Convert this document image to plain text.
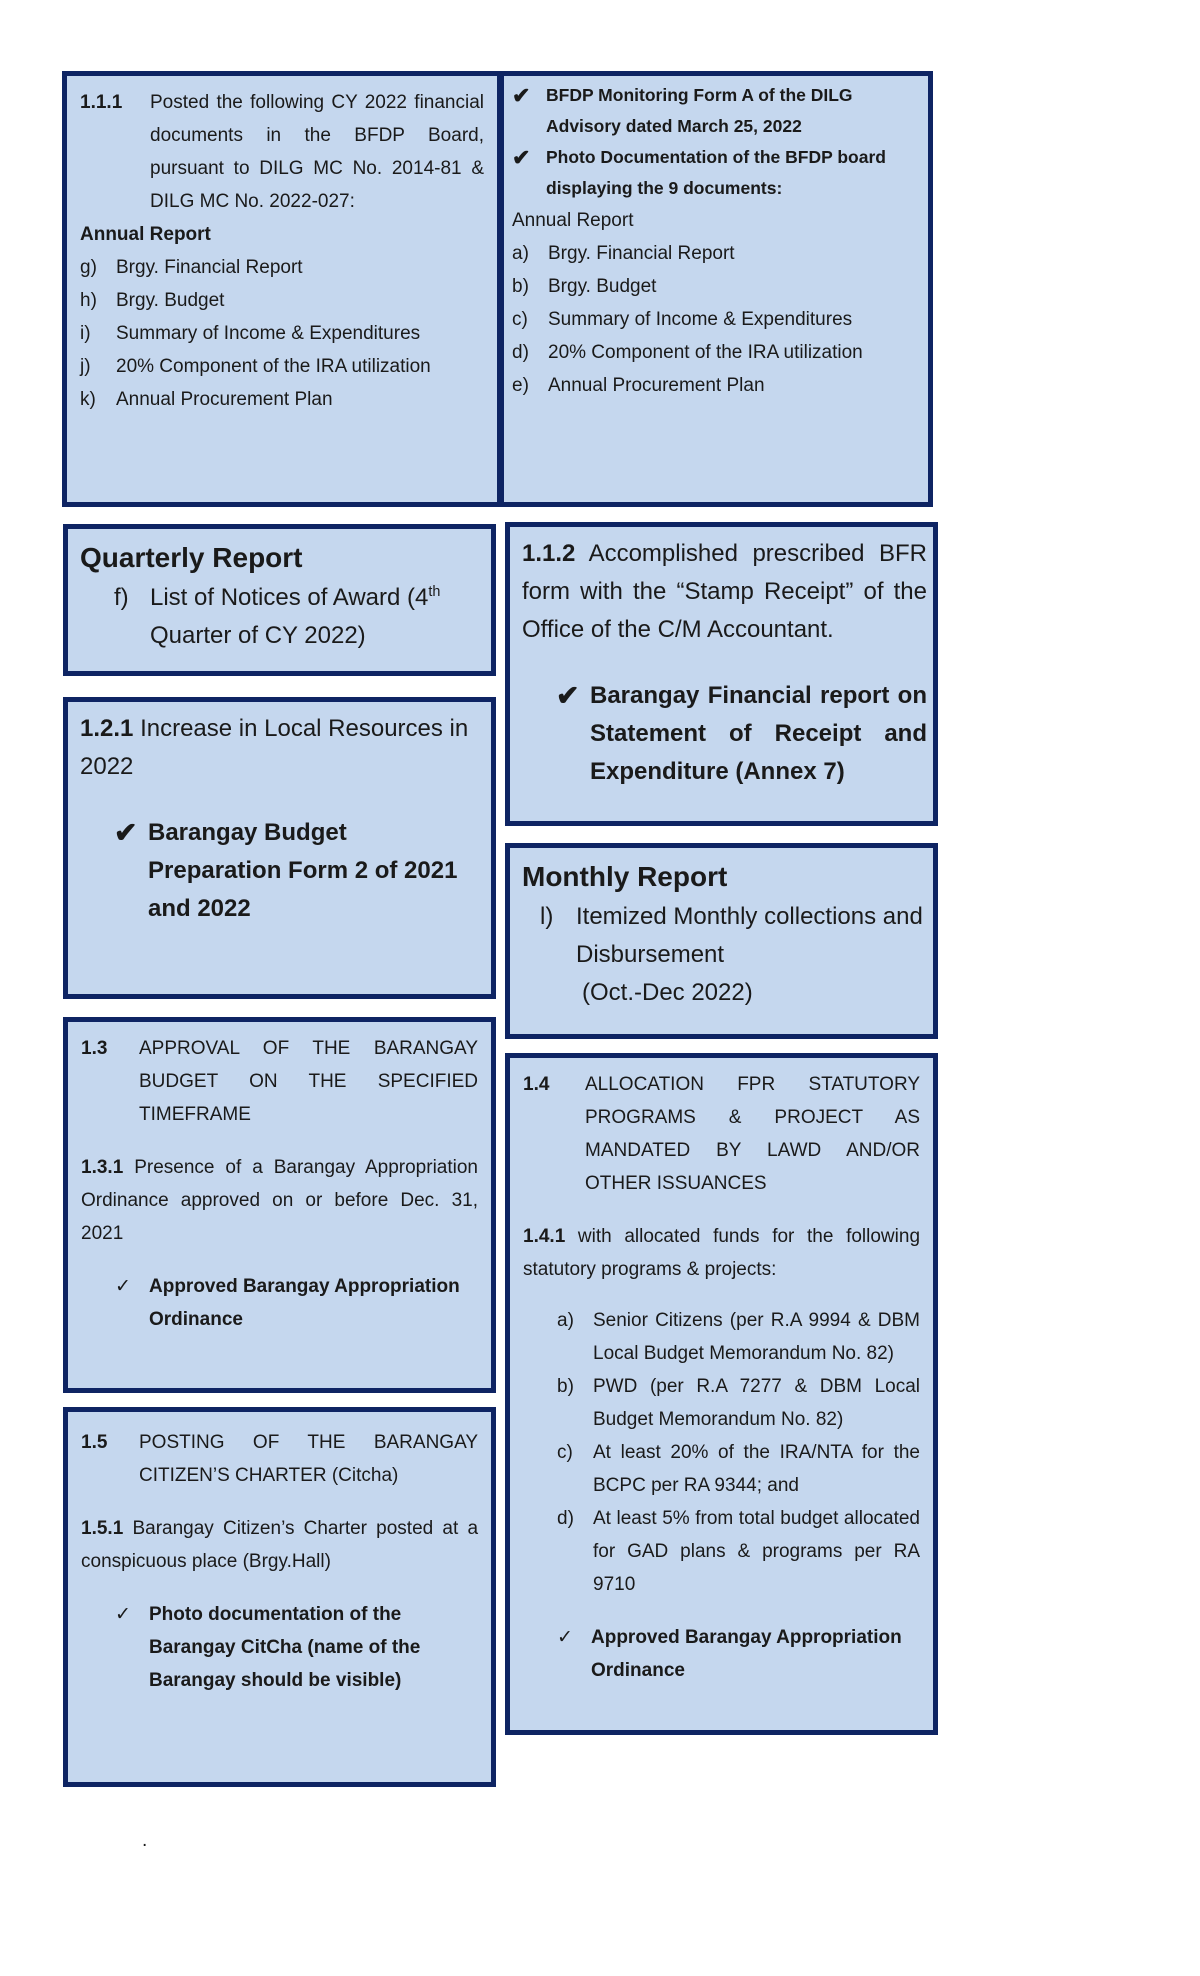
1.1.1	Posted the following CY 2022 financial documents in the BFDP Board, pursuant to DILG MC No. 2014-81 & DILG MC No. 2022-027:

Annual Report

g)	Brgy. Financial Report
h)	Brgy. Budget
i)	Summary of Income & Expenditures
j)	20% Component of the IRA utilization
k)	Annual Procurement Plan
✔ BFDP Monitoring Form A of the DILG Advisory dated March 25, 2022
✔ Photo Documentation of the BFDP board displaying the 9 documents:

Annual Report

a)	Brgy. Financial Report
b)	Brgy. Budget
c)	Summary of Income & Expenditures
d)	20% Component of the IRA utilization
e)	Annual Procurement Plan

Quarterly Report

f) List of Notices of Award (4th
Quarter of CY 2022)

1.1.2 Accomplished prescribed BFR form with the “Stamp Receipt” of the Office of the C/M Accountant.

✔ Barangay Financial report on Statement of Receipt and Expenditure (Annex 7)

1.2.1 Increase in Local Resources in 2022

✔ Barangay Budget Preparation Form 2 of 2021 and 2022

Monthly Report

l) Itemized Monthly collections and Disbursement
(Oct.-Dec 2022)
1.3	APPROVAL OF THE BARANGAY BUDGET ON THE SPECIFIED TIMEFRAME

1.3.1 Presence of a Barangay Appropriation Ordinance approved on or before Dec. 31, 2021

✓ Approved Barangay Appropriation Ordinance
1.4	ALLOCATION FPR STATUTORY PROGRAMS & PROJECT AS MANDATED BY LAWD AND/OR OTHER ISSUANCES

1.4.1 with allocated funds for the following statutory programs & projects:

a)	Senior Citizens (per R.A 9994 & DBM Local Budget Memorandum No. 82)
b)	PWD (per R.A 7277 & DBM Local Budget Memorandum No. 82)
c)	At least 20% of the IRA/NTA for the BCPC per RA 9344; and
d)	At least 5% from total budget allocated for GAD plans & programs per RA 9710
✓ Approved Barangay Appropriation Ordinance
1.5	POSTING OF THE BARANGAY CITIZEN’S CHARTER (Citcha)

1.5.1 Barangay Citizen’s Charter posted at a conspicuous place (Brgy.Hall)

✓ Photo documentation of the Barangay CitCha (name of the Barangay should be visible)
.
